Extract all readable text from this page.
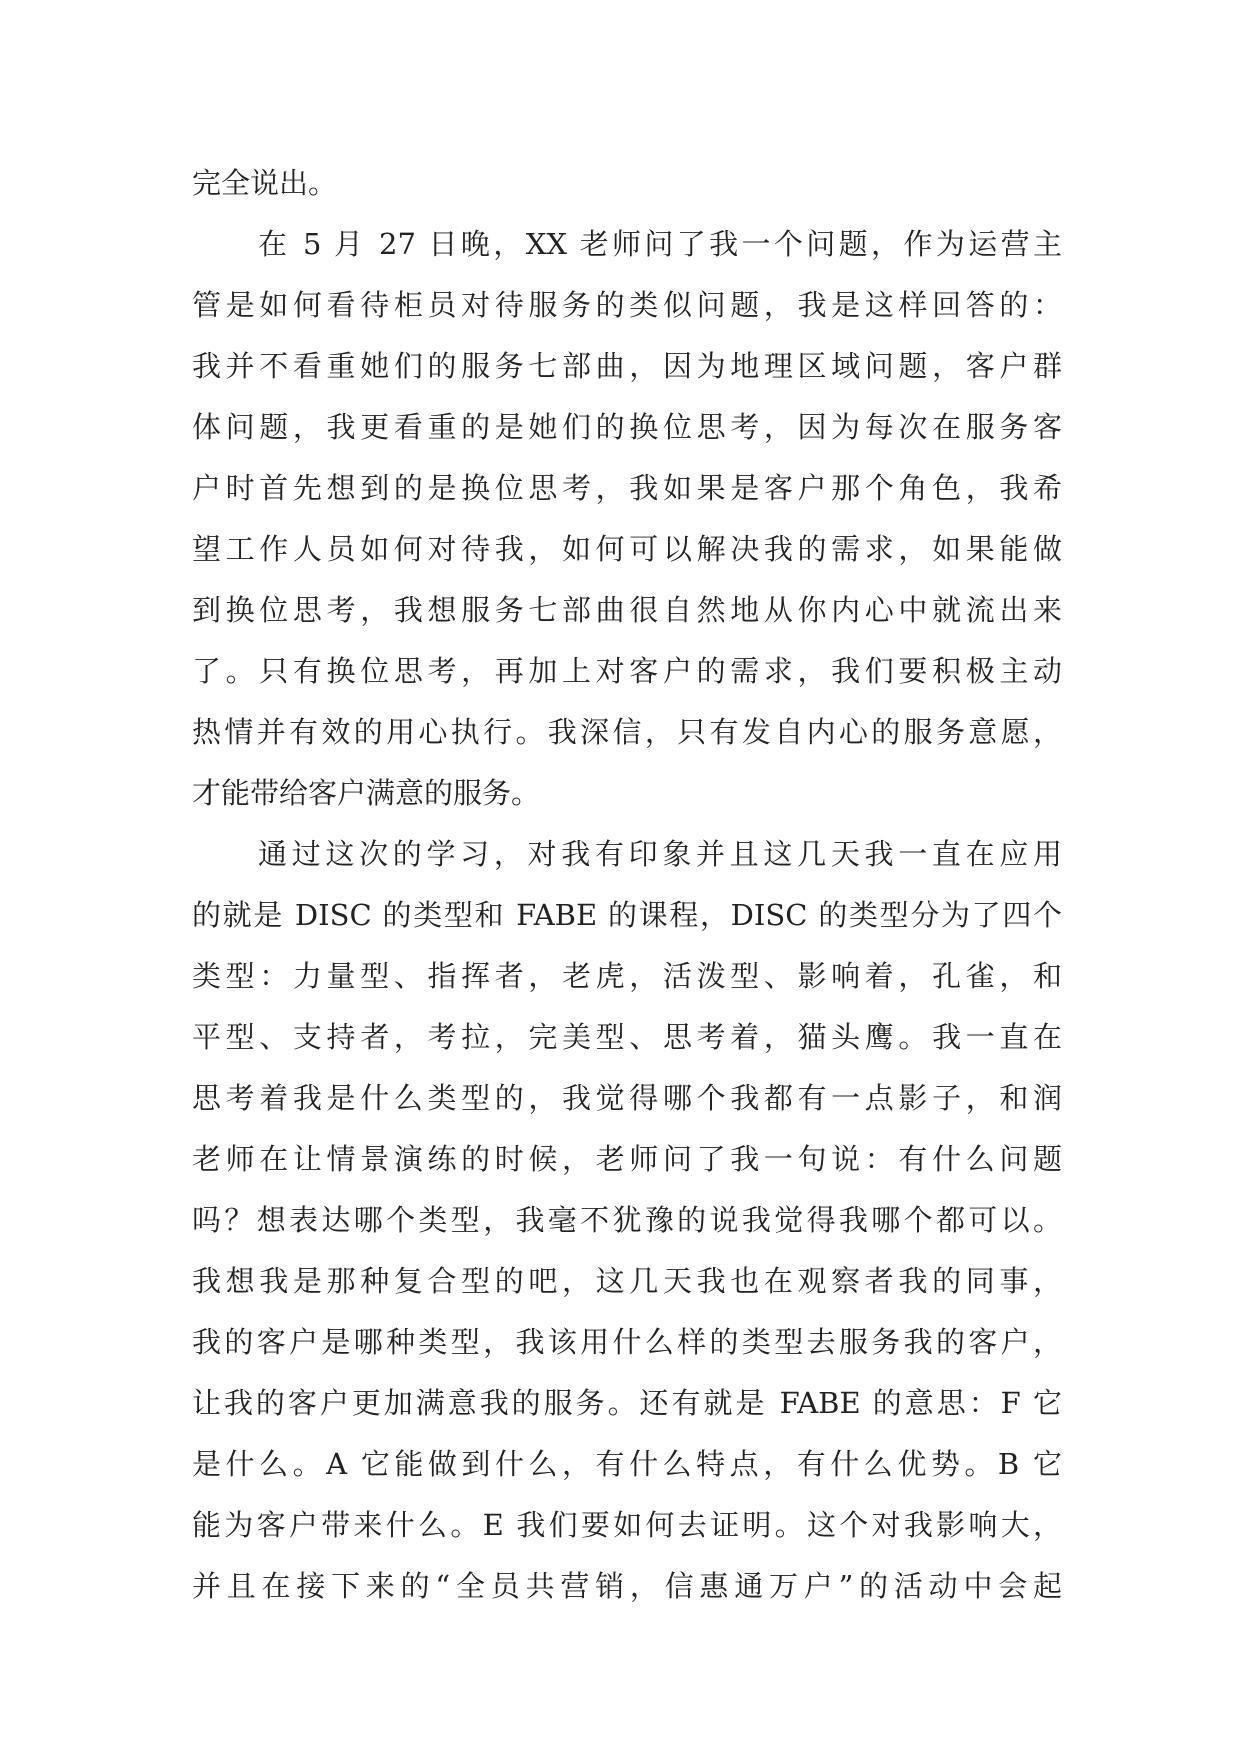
完全说出。
在 5 月 27 日晚，XX 老师问了我一个问题，作为运营主
管是如何看待柜员对待服务的类似问题，我是这样回答的：
我并不看重她们的服务七部曲，因为地理区域问题，客户群
体问题，我更看重的是她们的换位思考，因为每次在服务客
户时首先想到的是换位思考，我如果是客户那个角色，我希
望工作人员如何对待我，如何可以解决我的需求，如果能做
到换位思考，我想服务七部曲很自然地从你内心中就流出来
了。只有换位思考，再加上对客户的需求，我们要积极主动
热情并有效的用心执行。我深信，只有发自内心的服务意愿，
才能带给客户满意的服务。
通过这次的学习，对我有印象并且这几天我一直在应用
的就是 DISC 的类型和 FABE 的课程，DISC 的类型分为了四个
类型：力量型、指挥者，老虎，活泼型、影响着，孔雀，和
平型、支持者，考拉，完美型、思考着，猫头鹰。我一直在
思考着我是什么类型的，我觉得哪个我都有一点影子，和润
老师在让情景演练的时候，老师问了我一句说：有什么问题
吗？想表达哪个类型，我毫不犹豫的说我觉得我哪个都可以。
我想我是那种复合型的吧，这几天我也在观察者我的同事，
我的客户是哪种类型，我该用什么样的类型去服务我的客户，
让我的客户更加满意我的服务。还有就是 FABE 的意思：F 它
是什么。A 它能做到什么，有什么特点，有什么优势。B 它
能为客户带来什么。E 我们要如何去证明。这个对我影响大，
并且在接下来的“全员共营销，信惠通万户”的活动中会起
